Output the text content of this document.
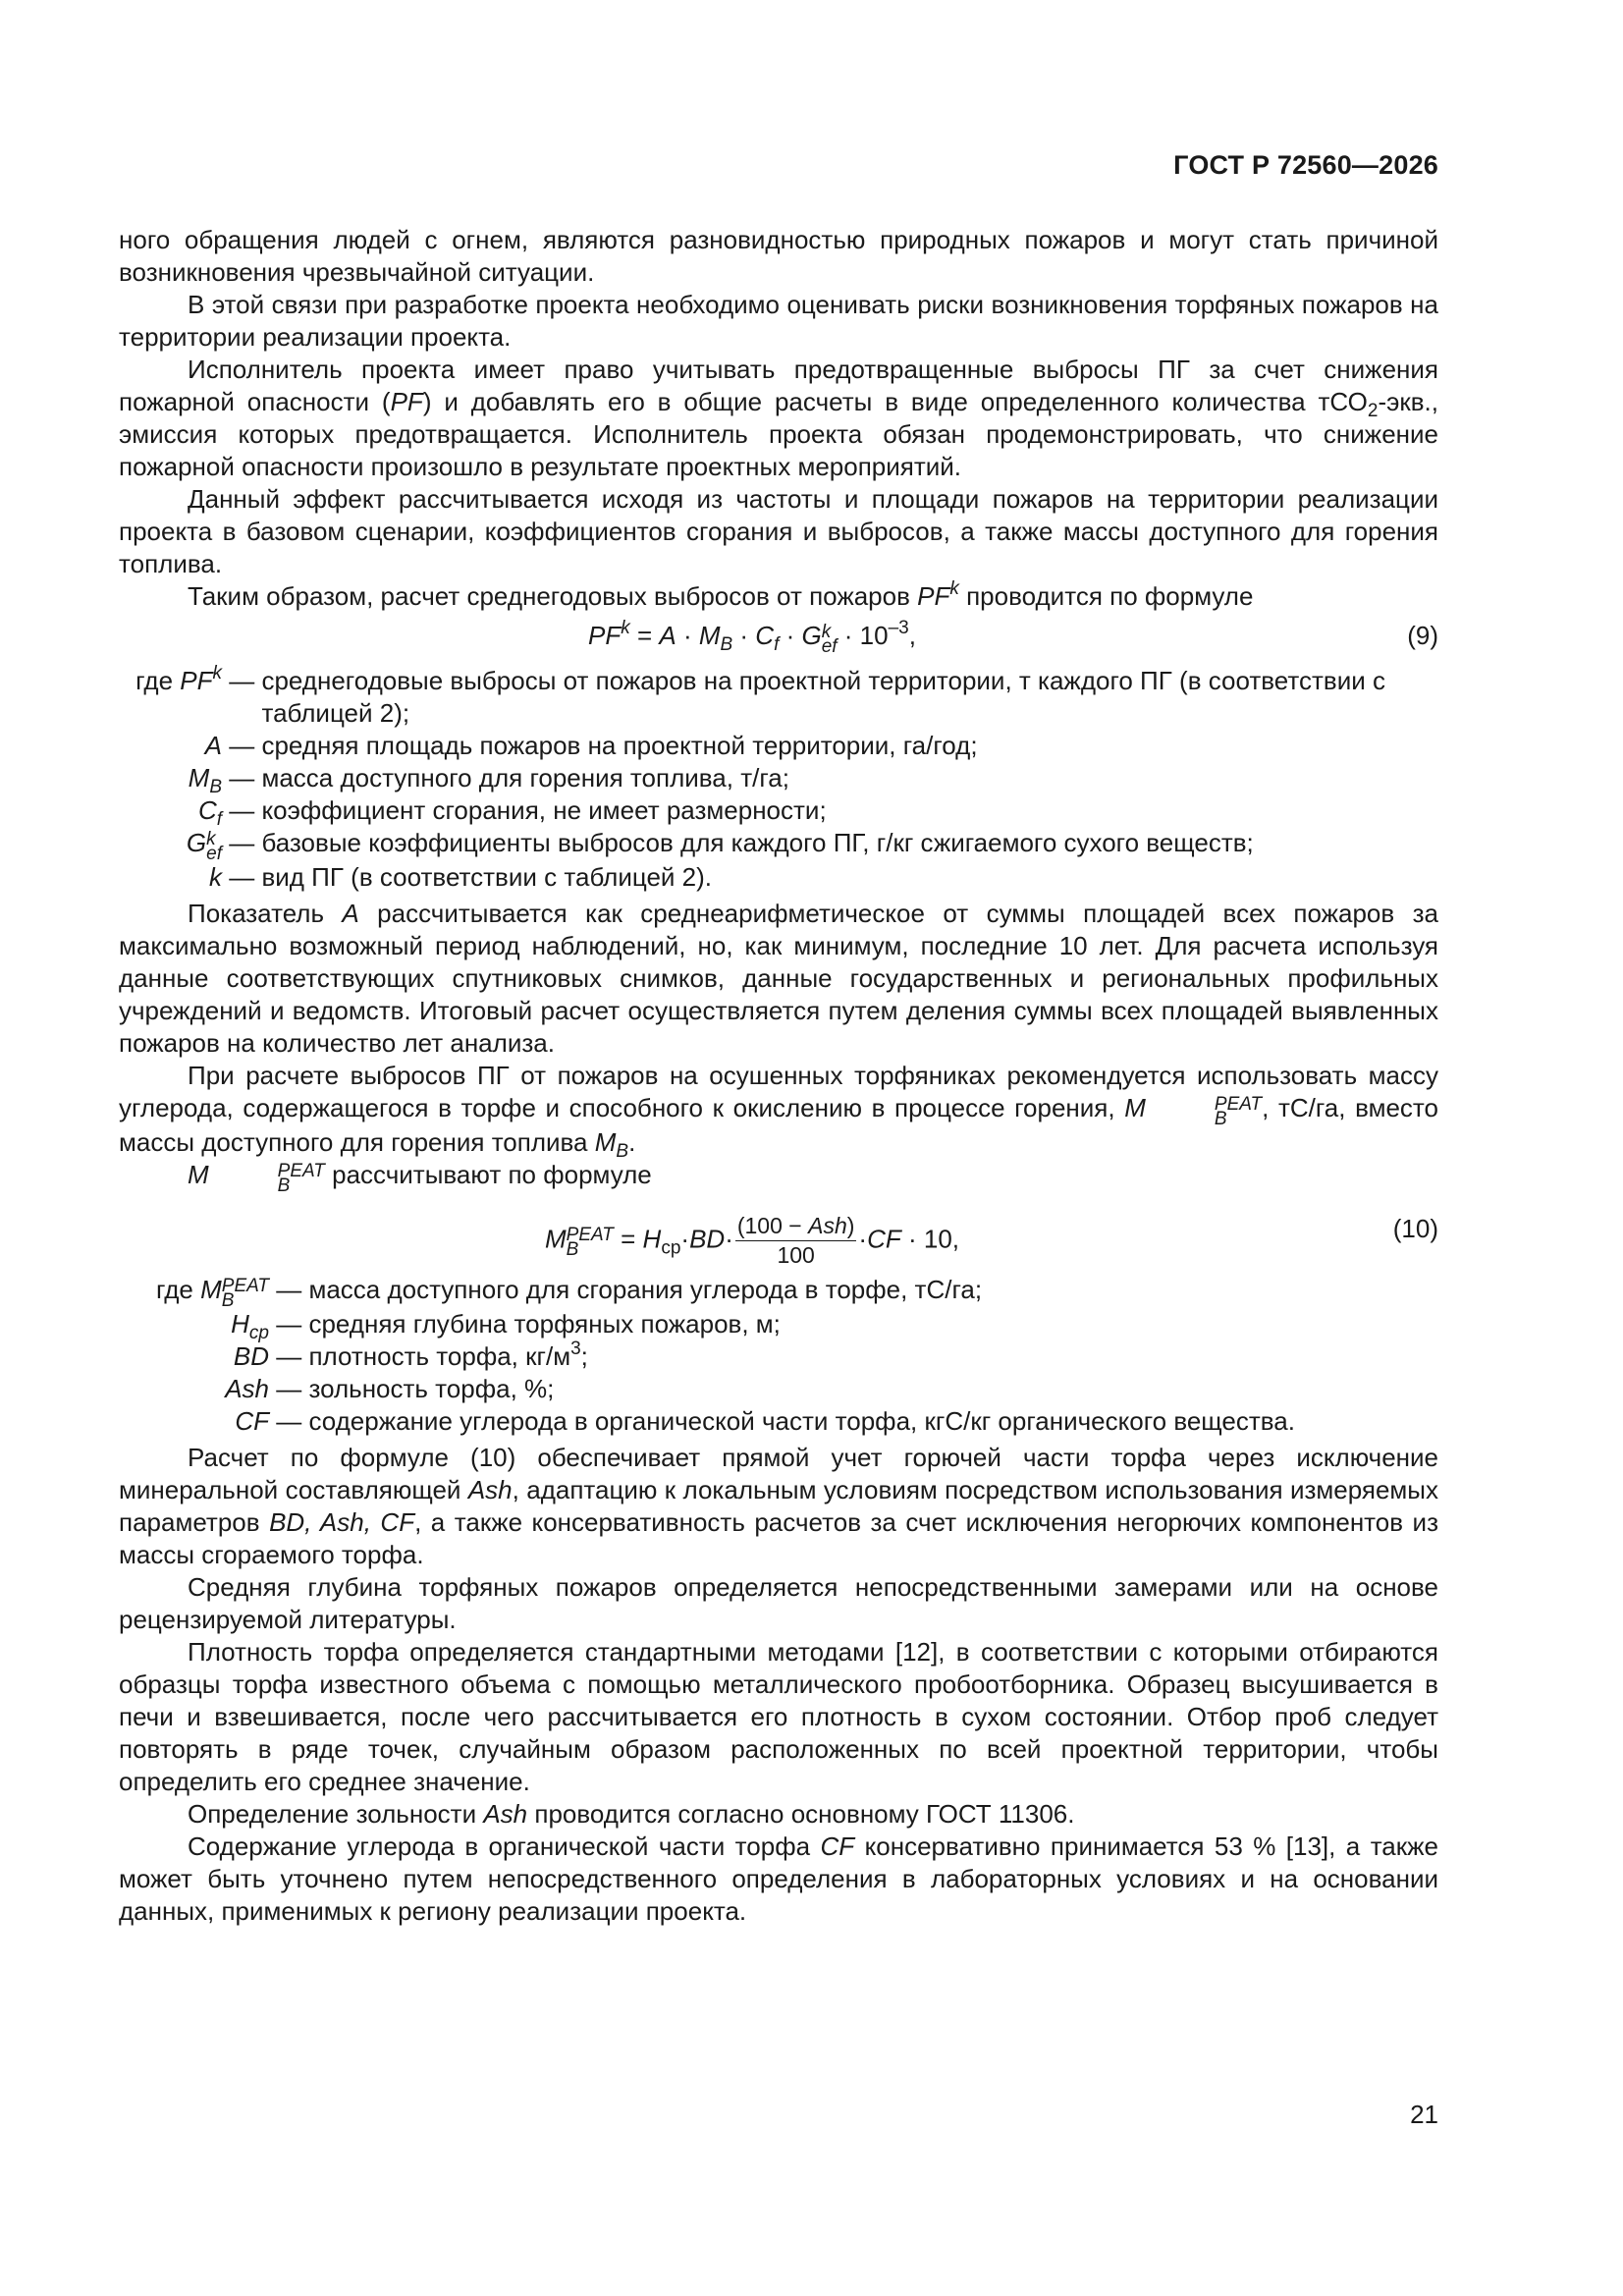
ГОСТ Р 72560—2026

ного обращения людей с огнем, являются разновидностью природных пожаров и могут стать причиной возникновения чрезвычайной ситуации.

В этой связи при разработке проекта необходимо оценивать риски возникновения торфяных пожаров на территории реализации проекта.

Исполнитель проекта имеет право учитывать предотвращенные выбросы ПГ за счет снижения пожарной опасности (PF) и добавлять его в общие расчеты в виде определенного количества тСО$_2$-экв., эмиссия которых предотвращается. Исполнитель проекта обязан продемонстрировать, что снижение пожарной опасности произошло в результате проектных мероприятий.

Данный эффект рассчитывается исходя из частоты и площади пожаров на территории реализации проекта в базовом сценарии, коэффициентов сгорания и выбросов, а также массы доступного для горения топлива.

Таким образом, расчет среднегодовых выбросов от пожаров $PF^k$ проводится по формуле

$PF^k = A \cdot M_B \cdot C_f \cdot G$ k
ef · $10^{-3}$,	(9)
где $PF^k$ — среднегодовые выбросы от пожаров на проектной территории, т каждого ПГ (в соответствии с таблицей 2);
A — средняя площадь пожаров на проектной территории, га/год;
$M_B$ — масса доступного для горения топлива, т/га;
$C_f$ — коэффициент сгорания, не имеет размерности;
G k
ef — базовые коэффициенты выбросов для каждого ПГ, г/кг сжигаемого сухого веществ;
k — вид ПГ (в соответствии с таблицей 2).

Показатель А рассчитывается как среднеарифметическое от суммы площадей всех пожаров за максимально возможный период наблюдений, но, как минимум, последние 10 лет. Для расчета используя данные соответствующих спутниковых снимков, данные государственных и региональных профильных учреждений и ведомств. Итоговый расчет осуществляется путем деления суммы всех площадей выявленных пожаров на количество лет анализа.

При расчете выбросов ПГ от пожаров на осушенных торфяниках рекомендуется использовать массу углерода, содержащегося в торфе и способного к окислению в процессе горения, M	PEAT
B	, тС/га, вместо массы доступного для горения топлива $M_B$.

M	PEAT
B	рассчитывают по формуле

M PEAT
B	= $H_{ср}\cdot BD\cdot \frac{\text{(100 − Ash)}}{100} \cdot CF \cdot 10$,	(10)
где M PEAT
B	— масса доступного для сгорания углерода в торфе, тС/га;
$H_{ср}$ — средняя глубина торфяных пожаров, м;
BD — плотность торфа, $кг/м^3$;
Ash — зольность торфа, %;
CF — содержание углерода в органической части торфа, кгС/кг органического вещества.

Расчет по формуле (10) обеспечивает прямой учет горючей части торфа через исключение минеральной составляющей Ash, адаптацию к локальным условиям посредством использования измеряемых параметров BD, Ash, CF, а также консервативность расчетов за счет исключения негорючих компонентов из массы сгораемого торфа.

Средняя глубина торфяных пожаров определяется непосредственными замерами или на основе рецензируемой литературы.

Плотность торфа определяется стандартными методами [12], в соответствии с которыми отбираются образцы торфа известного объема с помощью металлического пробоотборника. Образец высушивается в печи и взвешивается, после чего рассчитывается его плотность в сухом состоянии. Отбор проб следует повторять в ряде точек, случайным образом расположенных по всей проектной территории, чтобы определить его среднее значение.

Определение зольности Ash проводится согласно основному ГОСТ 11306.

Содержание углерода в органической части торфа CF консервативно принимается 53 % [13], а также может быть уточнено путем непосредственного определения в лабораторных условиях и на основании данных, применимых к региону реализации проекта.

21
